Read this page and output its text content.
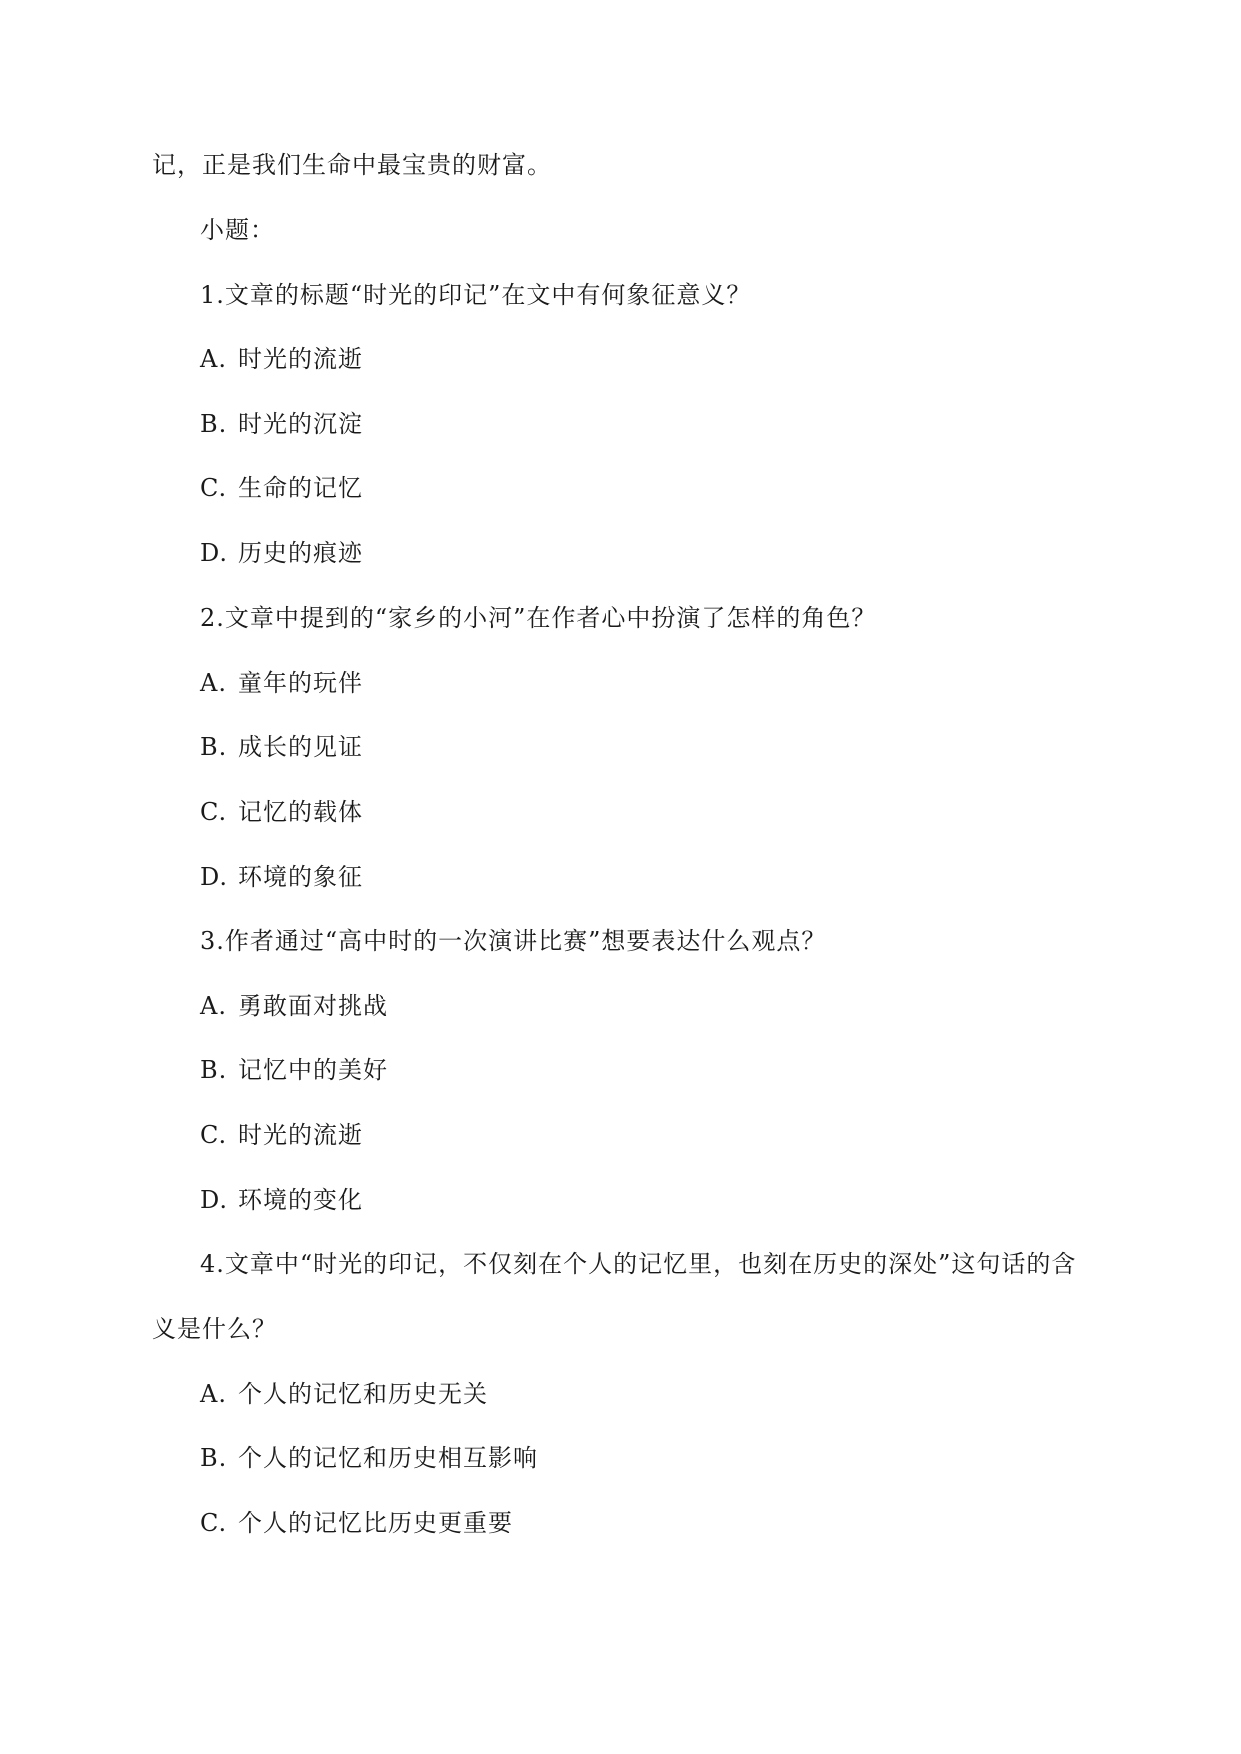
记，正是我们生命中最宝贵的财富。
小题：
1.文章的标题“时光的印记”在文中有何象征意义？
A. 时光的流逝
B. 时光的沉淀
C. 生命的记忆
D. 历史的痕迹
2.文章中提到的“家乡的小河”在作者心中扮演了怎样的角色？
A. 童年的玩伴
B. 成长的见证
C. 记忆的载体
D. 环境的象征
3.作者通过“高中时的一次演讲比赛”想要表达什么观点？
A. 勇敢面对挑战
B. 记忆中的美好
C. 时光的流逝
D. 环境的变化
4.文章中“时光的印记，不仅刻在个人的记忆里，也刻在历史的深处”这句话的含
义是什么？
A. 个人的记忆和历史无关
B. 个人的记忆和历史相互影响
C. 个人的记忆比历史更重要
